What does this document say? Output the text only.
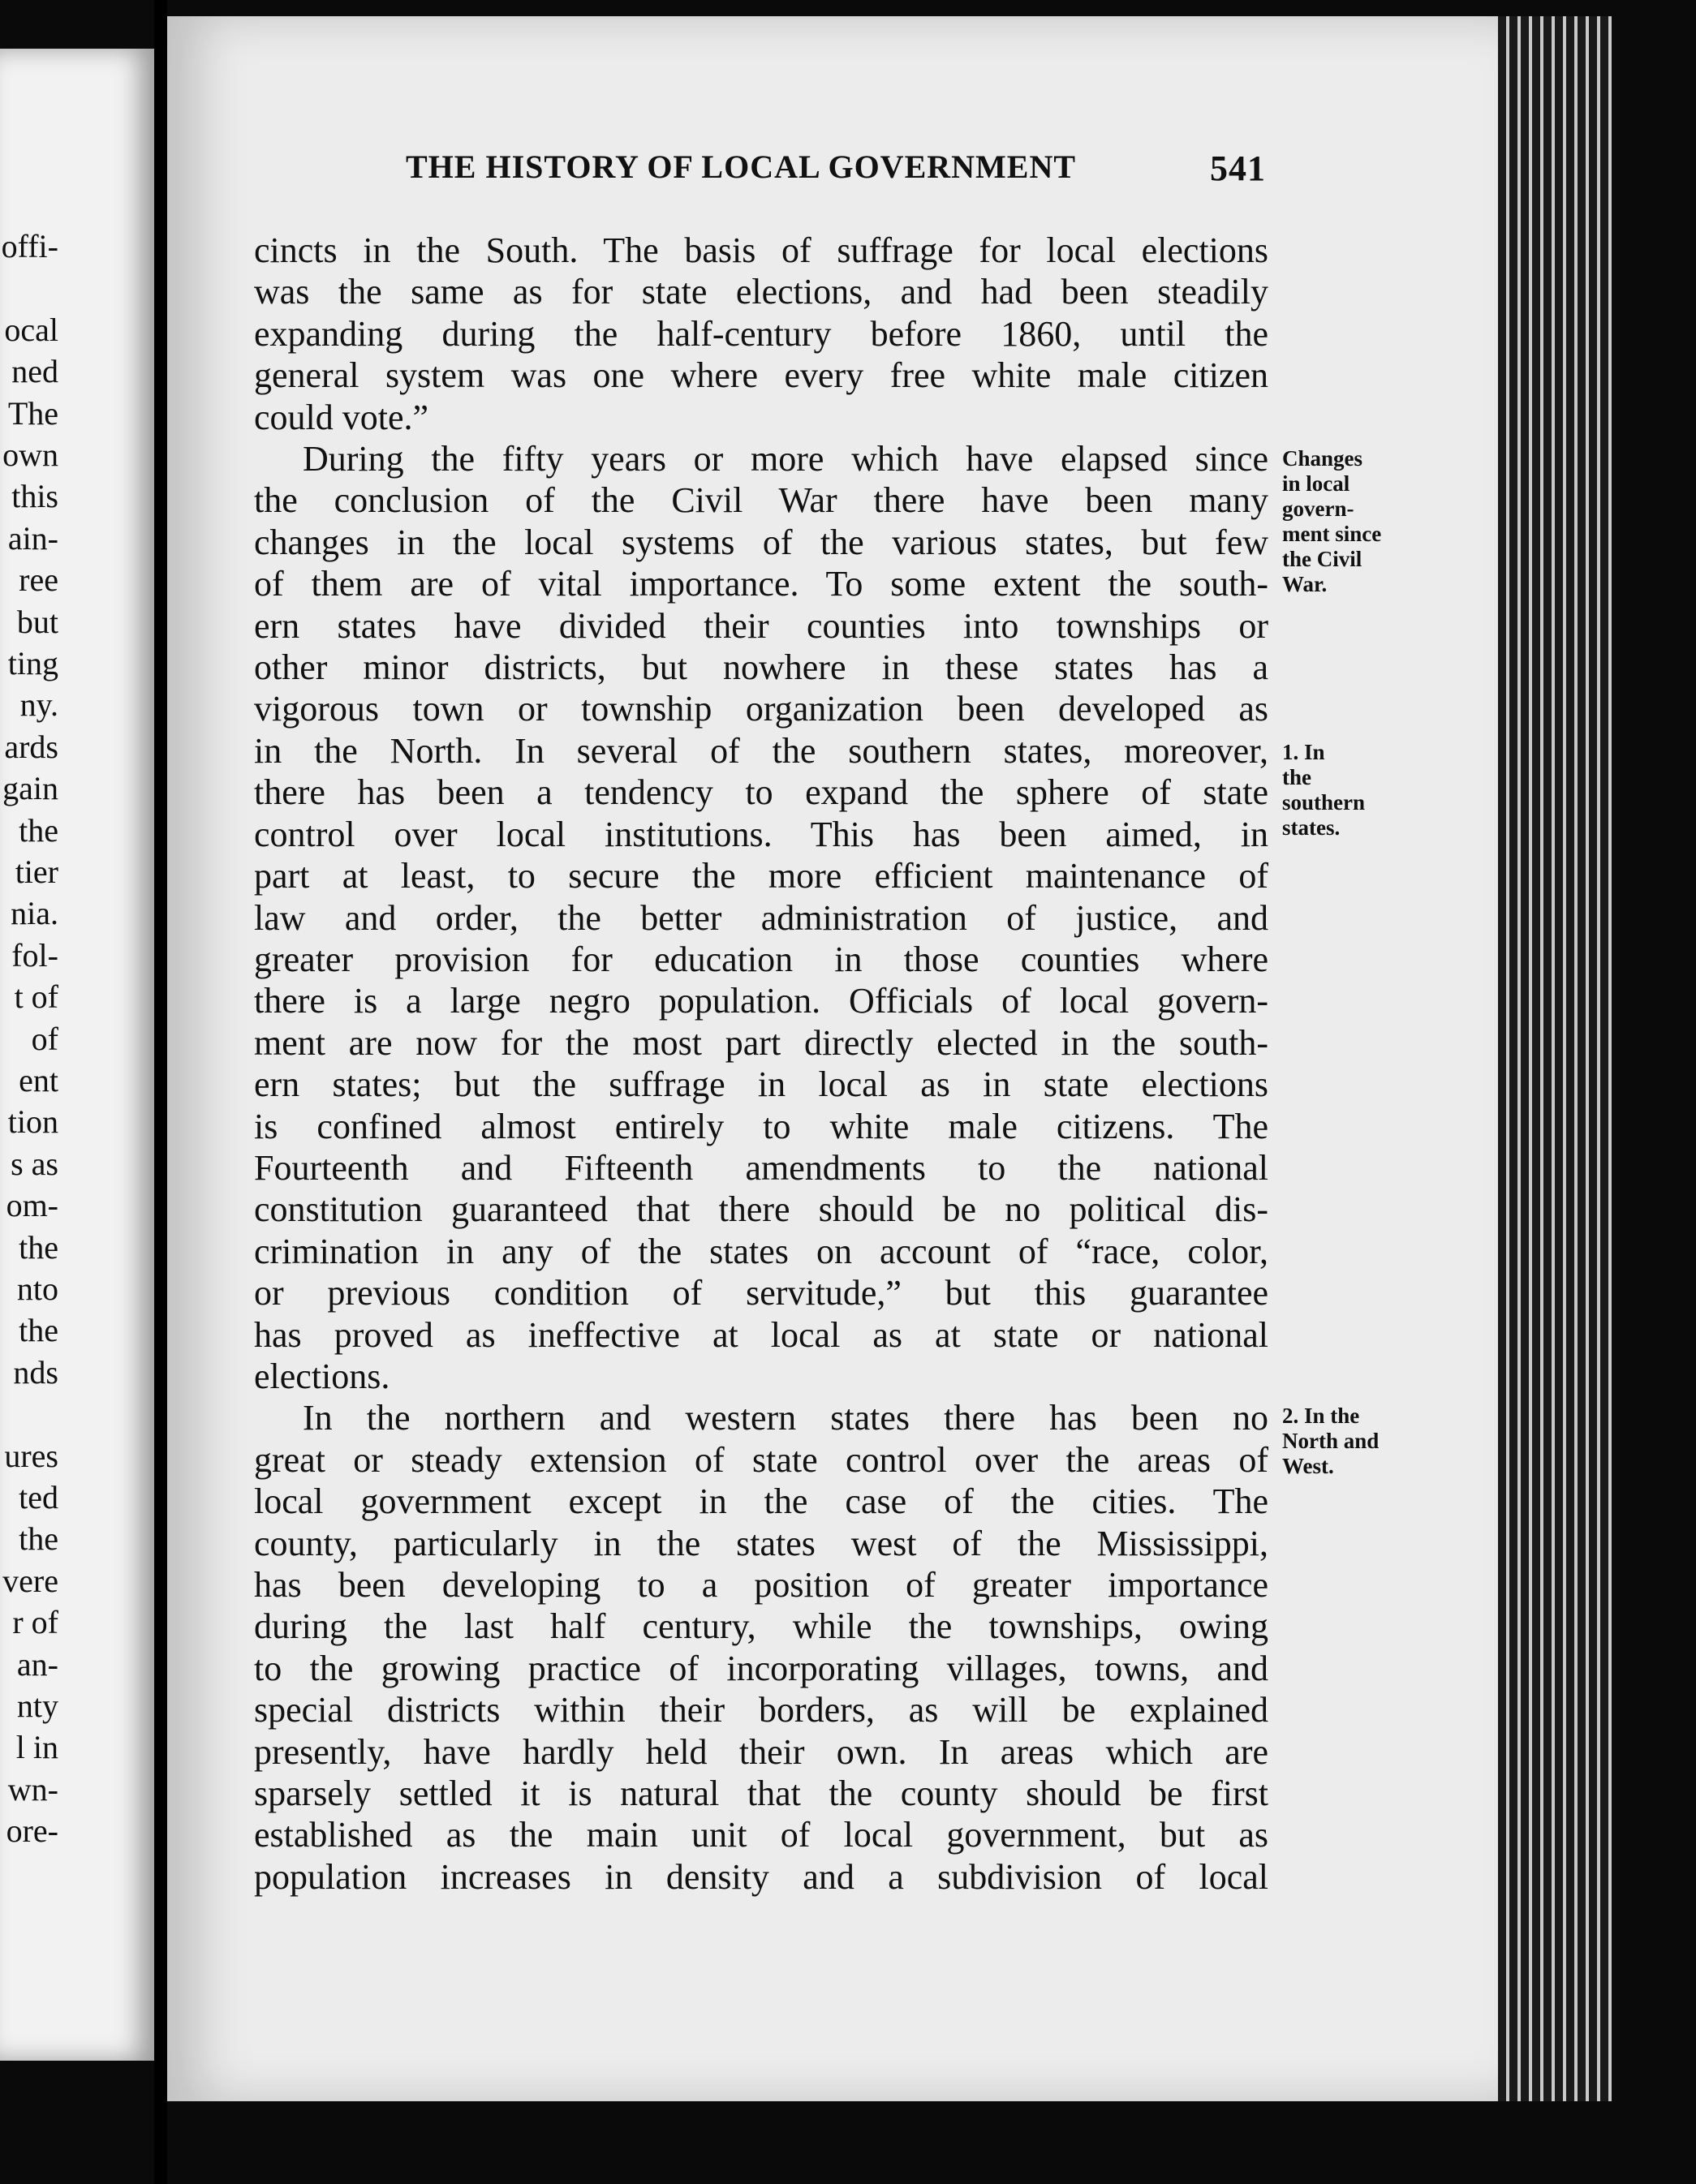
offi-
ocal
ned
The
own
this
ain-
ree
but
ting
ny.
ards
gain
the
tier
nia.
fol-
t of
of
ent
tion
s as
om-
the
nto
the
nds
ures
ted
the
vere
r of
an-
nty
l in
wn-
ore-
THE HISTORY OF LOCAL GOVERNMENT	541
cincts in the South. The basis of suffrage for local elections
was the same as for state elections, and had been steadily
expanding during the half-century before 1860, until the
general system was one where every free white male citizen
could vote.”
During the fifty years or more which have elapsed since
the conclusion of the Civil War there have been many
changes in the local systems of the various states, but few
of them are of vital importance. To some extent the south-
ern states have divided their counties into townships or
other minor districts, but nowhere in these states has a
vigorous town or township organization been developed as
in the North. In several of the southern states, moreover,
there has been a tendency to expand the sphere of state
control over local institutions. This has been aimed, in
part at least, to secure the more efficient maintenance of
law and order, the better administration of justice, and
greater provision for education in those counties where
there is a large negro population. Officials of local govern-
ment are now for the most part directly elected in the south-
ern states; but the suffrage in local as in state elections
is confined almost entirely to white male citizens. The
Fourteenth and Fifteenth amendments to the national
constitution guaranteed that there should be no political dis-
crimination in any of the states on account of “race, color,
or previous condition of servitude,” but this guarantee
has proved as ineffective at local as at state or national
elections.
In the northern and western states there has been no
great or steady extension of state control over the areas of
local government except in the case of the cities. The
county, particularly in the states west of the Mississippi,
has been developing to a position of greater importance
during the last half century, while the townships, owing
to the growing practice of incorporating villages, towns, and
special districts within their borders, as will be explained
presently, have hardly held their own. In areas which are
sparsely settled it is natural that the county should be first
established as the main unit of local government, but as
population increases in density and a subdivision of local
Changes
in local
govern-
ment since
the Civil
War.
1. In
the
southern
states.
2. In the
North and
West.
